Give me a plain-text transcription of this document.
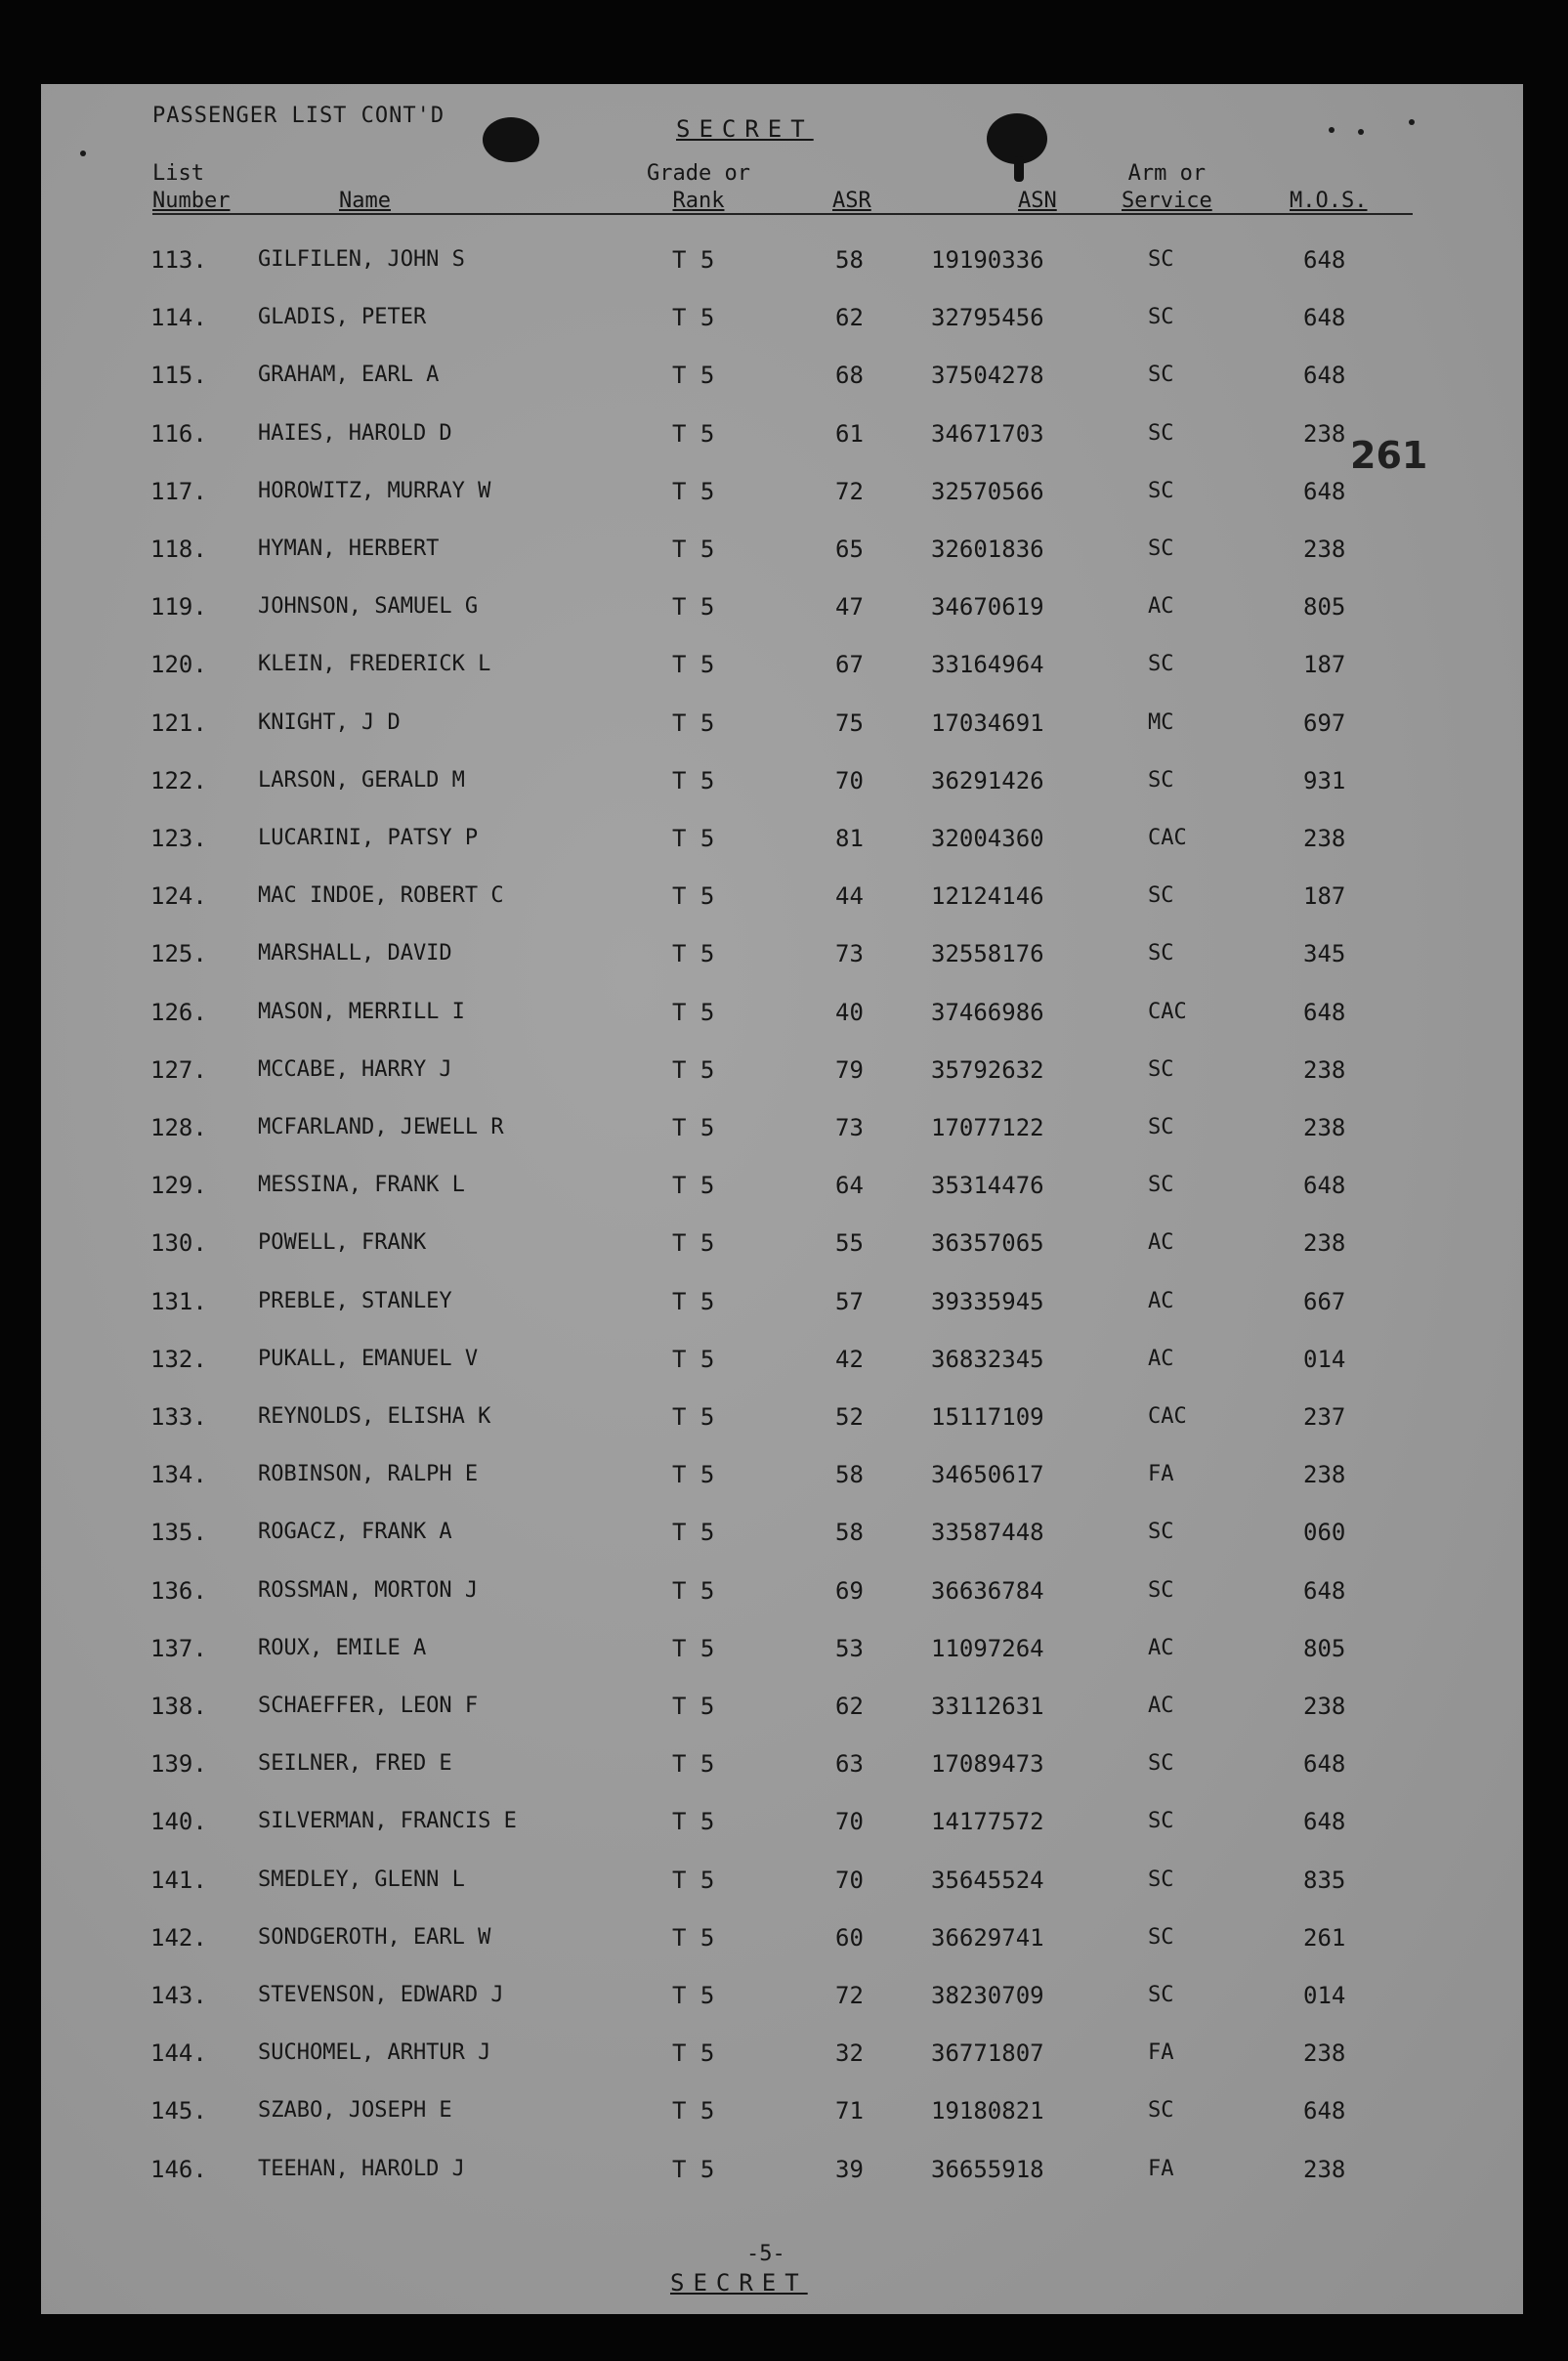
PASSENGER LIST CONT'D	SECRET
List
Number	Name
Grade or
Rank	ASR	ASN
Arm or
Service	M.O.S.
113. GILFILEN, JOHN S	T 5	58	19190336	SC	648
114. GLADIS, PETER	T 5	62	32795456	SC	648
115. GRAHAM, EARL A	T 5	68	37504278	SC	648
116. HAIES, HAROLD D	T 5	61	34671703	SC	238
117. HOROWITZ, MURRAY W	T 5	72	32570566	SC	648
118. HYMAN, HERBERT	T 5	65	32601836	SC	238
119. JOHNSON, SAMUEL G	T 5	47	34670619	AC	805
120. KLEIN, FREDERICK L	T 5	67	33164964	SC	187
121. KNIGHT, J D	T 5	75	17034691	MC	697
122. LARSON, GERALD M	T 5	70	36291426	SC	931
123. LUCARINI, PATSY P	T 5	81	32004360	CAC	238
124. MAC INDOE, ROBERT C	T 5	44	12124146	SC	187
125. MARSHALL, DAVID	T 5	73	32558176	SC	345
126. MASON, MERRILL I	T 5	40	37466986	CAC	648
127. MCCABE, HARRY J	T 5	79	35792632	SC	238
128. MCFARLAND, JEWELL R	T 5	73	17077122	SC	238
129. MESSINA, FRANK L	T 5	64	35314476	SC	648
130. POWELL, FRANK	T 5	55	36357065	AC	238
131. PREBLE, STANLEY	T 5	57	39335945	AC	667
132. PUKALL, EMANUEL V	T 5	42	36832345	AC	014
133. REYNOLDS, ELISHA K	T 5	52	15117109	CAC	237
134. ROBINSON, RALPH E	T 5	58	34650617	FA	238
135. ROGACZ, FRANK A	T 5	58	33587448	SC	060
136. ROSSMAN, MORTON J	T 5	69	36636784	SC	648
137. ROUX, EMILE A	T 5	53	11097264	AC	805
138. SCHAEFFER, LEON F	T 5	62	33112631	AC	238
139. SEILNER, FRED E	T 5	63	17089473	SC	648
140. SILVERMAN, FRANCIS E	T 5	70	14177572	SC	648
141. SMEDLEY, GLENN L	T 5	70	35645524	SC	835
142. SONDGEROTH, EARL W	T 5	60	36629741	SC	261
143. STEVENSON, EDWARD J	T 5	72	38230709	SC	014
144. SUCHOMEL, ARHTUR J	T 5	32	36771807	FA	238
145. SZABO, JOSEPH E	T 5	71	19180821	SC	648
146. TEEHAN, HAROLD J	T 5	39	36655918	FA	238
261
-5-
SECRET
